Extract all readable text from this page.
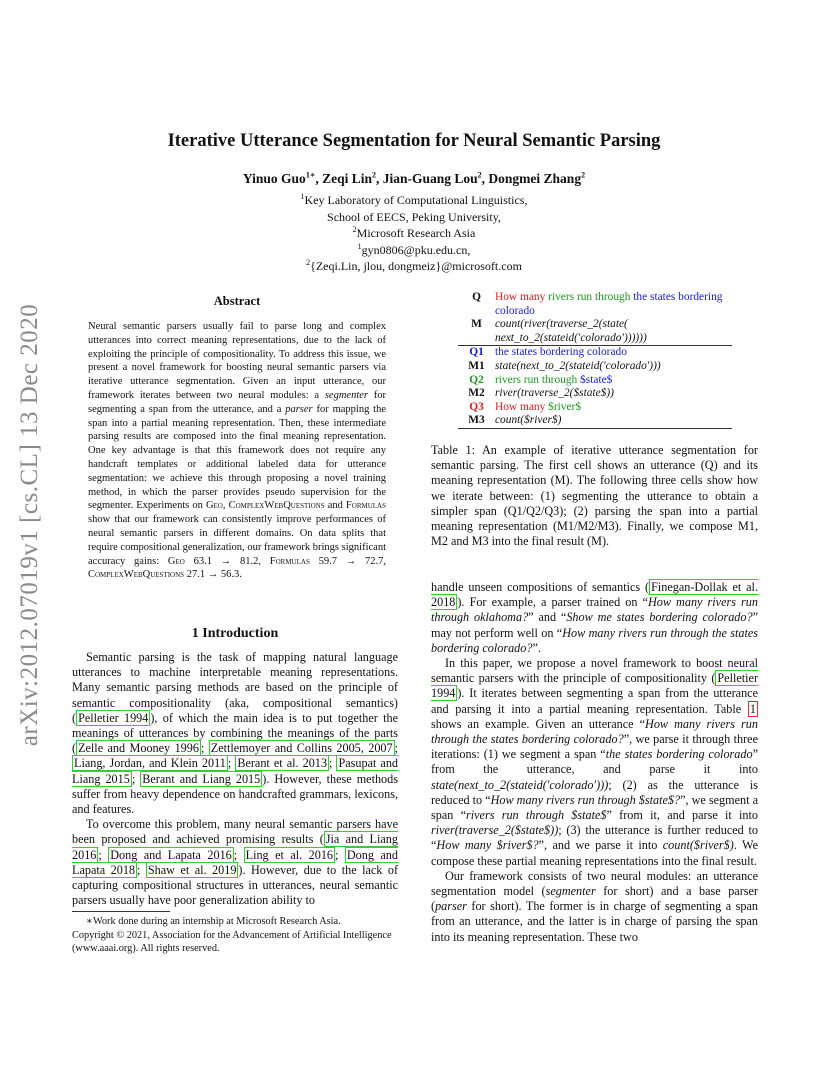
Iterative Utterance Segmentation for Neural Semantic Parsing
Yinuo Guo$^{1∗}$, Zeqi Lin$^2$, Jian-Guang Lou$^2$, Dongmei Zhang$^2$
$^1$Key Laboratory of Computational Linguistics,
School of EECS, Peking University,
$^2$Microsoft Research Asia
$^1$gyn0806@pku.edu.cn,
$^2${Zeqi.Lin, jlou, dongmeiz}@microsoft.com
arXiv:2012.07019v1 [cs.CL] 13 Dec 2020
Abstract
Neural semantic parsers usually fail to parse long and complex utterances into correct meaning representations, due to the lack of exploiting the principle of compositionality. To address this issue, we present a novel framework for boosting neural semantic parsers via iterative utterance segmentation. Given an input utterance, our framework iterates between two neural modules: a segmenter for segmenting a span from the utterance, and a parser for mapping the span into a partial meaning representation. Then, these intermediate parsing results are composed into the final meaning representation. One key advantage is that this framework does not require any handcraft templates or additional labeled data for utterance segmentation: we achieve this through proposing a novel training method, in which the parser provides pseudo supervision for the segmenter. Experiments on Geo, ComplexWebQuestions and Formulas show that our framework can consistently improve performances of neural semantic parsers in different domains. On data splits that require compositional generalization, our framework brings significant accuracy gains: Geo 63.1 → 81.2, Formulas 59.7 → 72.7, ComplexWebQuestions 27.1 → 56.3.
1 Introduction

Semantic parsing is the task of mapping natural language utterances to machine interpretable meaning representations. Many semantic parsing methods are based on the principle of semantic compositionality (aka, compositional semantics) ( Pelletier 1994 ), of which the main idea is to put together the meanings of utterances by combining the meanings of the parts ( Zelle and Mooney 1996 ; Zettlemoyer and Collins 2005, 2007 ; Liang, Jordan, and Klein 2011 ; Berant et al. 2013 ; Pasupat and Liang 2015 ; Berant and Liang 2015 ). However, these methods suffer from heavy dependence on handcrafted grammars, lexicons, and features.

To overcome this problem, many neural semantic parsers have been proposed and achieved promising results ( Jia and Liang 2016 ; Dong and Lapata 2016 ; Ling et al. 2016 ; Dong and Lapata 2018 ; Shaw et al. 2019 ). However, due to the lack of capturing compositional structures in utterances, neural semantic parsers usually have poor generalization ability to

∗Work done during an internship at Microsoft Research Asia.
Copyright © 2021, Association for the Advancement of Artificial Intelligence (www.aaai.org). All rights reserved.
Q	How many rivers run through the states bordering colorado
M	count(river(traverse_2(state( next_to_2(stateid(′colorado′))))))
Q1	the states bordering colorado
M1	state(next_to_2(stateid(′colorado′)))
Q2	rivers run through $state$
M2	river(traverse_2($state$))
Q3	How many $river$
M3	count($river$)
Table 1: An example of iterative utterance segmentation for semantic parsing. The first cell shows an utterance (Q) and its meaning representation (M). The following three cells show how we iterate between: (1) segmenting the utterance to obtain a simpler span (Q1/Q2/Q3); (2) parsing the span into a partial meaning representation (M1/M2/M3). Finally, we compose M1, M2 and M3 into the final result (M).

handle unseen compositions of semantics ( Finegan-Dollak et al. 2018 ). For example, a parser trained on “How many rivers run through oklahoma?” and “Show me states bordering colorado?” may not perform well on “How many rivers run through the states bordering colorado?”.

In this paper, we propose a novel framework to boost neural semantic parsers with the principle of compositionality ( Pelletier 1994 ). It iterates between segmenting a span from the utterance and parsing it into a partial meaning representation. Table 1 shows an example. Given an utterance “How many rivers run through the states bordering colorado?”, we parse it through three iterations: (1) we segment a span “the states bordering colorado” from the utterance, and parse it into state(next_to_2(stateid(′colorado′))); (2) as the utterance is reduced to “How many rivers run through $state$?”, we segment a span “rivers run through $state$” from it, and parse it into river(traverse_2($state$)); (3) the utterance is further reduced to “How many $river$?”, and we parse it into count($river$). We compose these partial meaning representations into the final result.

Our framework consists of two neural modules: an utterance segmentation model (segmenter for short) and a base parser (parser for short). The former is in charge of segmenting a span from an utterance, and the latter is in charge of parsing the span into its meaning representation. These two
